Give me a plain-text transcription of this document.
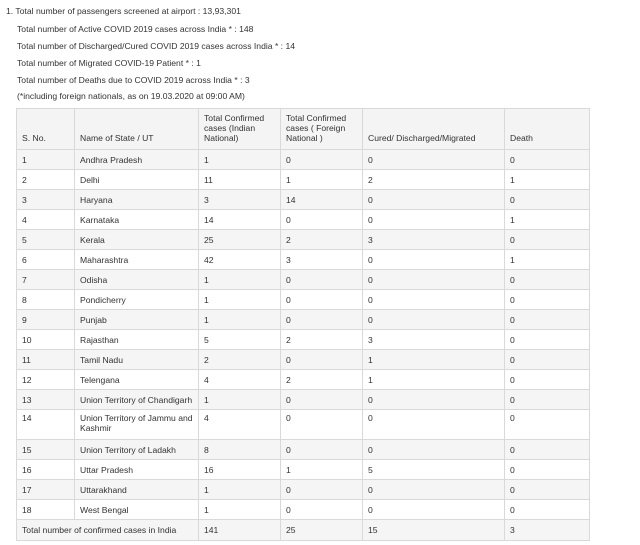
1. Total number of passengers screened at airport : 13,93,301
Total number of Active COVID 2019 cases across India * : 148
Total number of Discharged/Cured COVID 2019 cases across India * : 14
Total number of Migrated COVID-19 Patient * : 1
Total number of Deaths due to COVID 2019 across India * : 3
(*including foreign nationals, as on 19.03.2020 at 09:00 AM)
S. No.	Name of State / UT	Total Confirmed cases (Indian National)	Total Confirmed cases ( Foreign National )	Cured/ Discharged/Migrated	Death
1	Andhra Pradesh	1	0	0	0
2	Delhi	11	1	2	1
3	Haryana	3	14	0	0
4	Karnataka	14	0	0	1
5	Kerala	25	2	3	0
6	Maharashtra	42	3	0	1
7	Odisha	1	0	0	0
8	Pondicherry	1	0	0	0
9	Punjab	1	0	0	0
10	Rajasthan	5	2	3	0
11	Tamil Nadu	2	0	1	0
12	Telengana	4	2	1	0
13	Union Territory of Chandigarh	1	0	0	0
14	Union Territory of Jammu and Kashmir	4	0	0	0
15	Union Territory of Ladakh	8	0	0	0
16	Uttar Pradesh	16	1	5	0
17	Uttarakhand	1	0	0	0
18	West Bengal	1	0	0	0
Total number of confirmed cases in India		141	25	15	3
